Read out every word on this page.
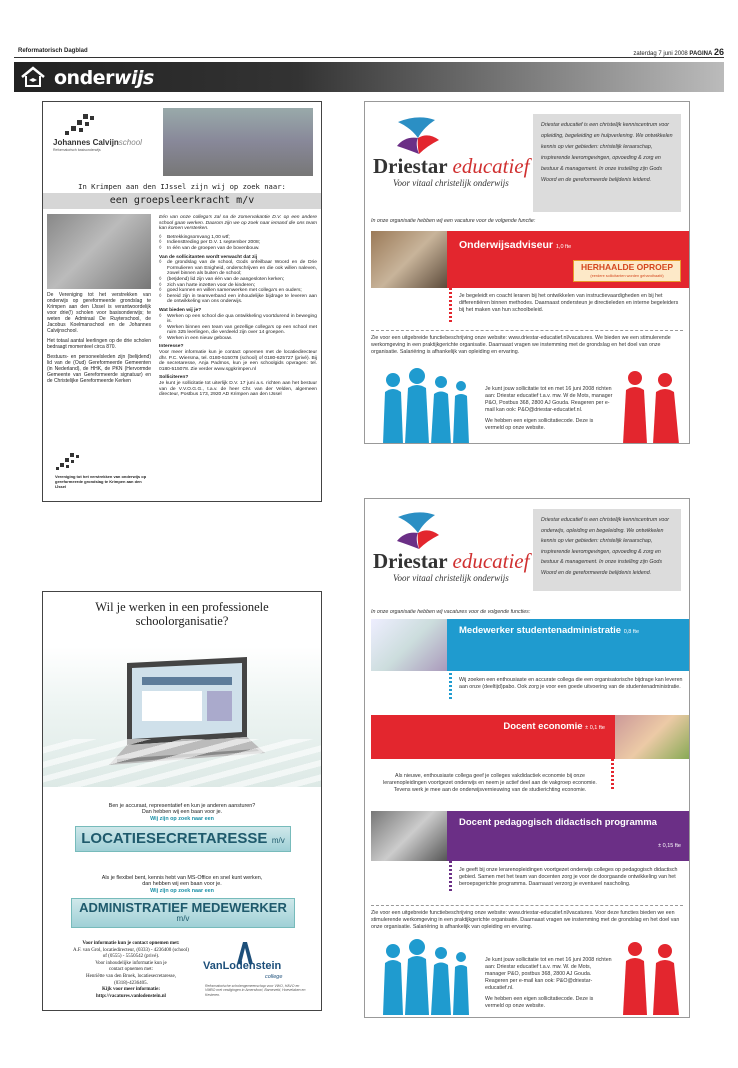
Reformatorisch Dagblad	zaterdag 7 juni 2008 PAGINA 26
onderwijs
Johannes Calvijnschool
Reformatorisch basisonderwijs
In Krimpen aan den IJssel zijn wij op zoek naar:
een groepsleerkracht m/v

De Vereniging tot het verstrekken van onderwijs op gereformeerde grondslag te Krimpen aan den IJssel is verantwoordelijk voor drie(!) scholen voor basisonderwijs; te weten de Admiraal De Ruyterschool, de Jacobus Koelmanschool en de Johannes Calvijnschool.

Het totaal aantal leerlingen op de drie scholen bedraagt momenteel circa 870.

Bestuurs- en personeelsleden zijn (belijdend) lid van de (Oud) Gereformeerde Gemeenten (in Nederland), de HHK, de PKN (Hervormde Gemeente van Gereformeerde signatuur) en de Christelijke Gereformeerde Kerken

Vereniging tot het verstrekken van onderwijs op gereformeerde grondslag te Krimpen aan den IJssel

Eén van onze collega’s zal na de zomervakantie D.V. op een andere school gaan werken. Daarom zijn we op zoek naar iemand die ons team kan komen versterken.

◊ Betrekkingsomvang 1,00 wtf;
◊ Indiensttreding per D.V. 1 september 2008;
◊ In één van de groepen van de bovenbouw.

Van de sollicitanten wordt verwacht dat zij

◊ de grondslag van de school, Gods onfeilbaar Woord en de Drie Formulieren van Enigheid, onderschrijven en die ook willen naleven, zowel binnen als buiten de school;
◊ (beïjdend) lid zijn van één van de aangesloten kerken;
◊ zich van harte inzetten voor de kinderen;
◊ goed kunnen en willen samenwerken met collega’s en ouders;
◊ bereid zijn in teamverband een inhoudelijke bijdrage te leveren aan de ontwikkeling van ons onderwijs.

Wat bieden wij je?

◊ Werken op een school die qua ontwikkeling voortdurend in beweging is.
◊ Werken binnen een team van gezellige collega’s op een school met ruim 325 leerlingen, die verdeeld zijn over 14 groepen.
◊ Werken in een nieuw gebouw.

Interesse?

Voor meer informatie kun je contact opnemen met de locatiedirecteur dhr. P.C. Wiersma, tel. 0180-515078 (school) of 0180-625727 (privé). Bij de secretaresse, Anja Padmos, kun je een schoolgids opvragen: tel. 0180-515078. Zie verder www.sggkrimpen.nl

Solliciteren?

Je kunt je sollicitatie tot uiterlijk D.V. 17 juni a.s. richten aan het bestuur van de V.V.O.G.G., t.a.v. de heer Chr. van der Velden, algemeen directeur, Postbus 173, 2920 AD Krimpen aan den IJssel

Driestar educatief
Voor vitaal christelijk onderwijs
Driestar educatief is een christelijk kenniscentrum voor opleiding, begeleiding en hulpverlening. We ontwikkelen kennis op vier gebieden: christelijk leraarschap, inspirerende leeromgevingen, opvoeding & zorg en bestuur & management. In onze instelling zijn Gods Woord en de gereformeerde belijdenis leidend.
In onze organisatie hebben wij een vacature voor de volgende functie:
Onderwijsadviseur 1,0 fte
HERHAALDE OPROEP
(eerdere sollicitanten worden gehandhaafd)
Je begeleidt en coacht leraren bij het ontwikkelen van instructievaardigheden en bij het differentiëren binnen methodes. Daarnaast ondersteun je directieleden en interne begeleiders bij het maken van hun schoolbeleid.
Zie voor een uitgebreide functiebeschrijving onze website: www.driestar-educatief.nl/vacatures. We bieden we een stimulerende werkomgeving in een praktijkgerichte organisatie. Daarnaast vragen we instemming met de grondslag en het doel van onze organisatie. Salariëring is afhankelijk van opleiding en ervaring.

Je kunt jouw sollicitatie tot en met 16 juni 2008 richten aan: Driestar educatief t.a.v. mw. W de Mots, manager P&O, Postbus 368, 2800 AJ Gouda. Reageren per e-mail kan ook: P&O@driestar-educatief.nl.

We hebben een eigen sollicitatiecode. Deze is vermeld op onze website.

Wil je werken in een professionele schoolorganisatie?
Ben je accuraat, representatief en kun je anderen aansturen?
Dan hebben wij een baan voor je.
Wij zijn op zoek naar een
LOCATIESECRETARESSE m/v
Als je flexibel bent, kennis hebt van MS-Office en snel kunt werken,
dan hebben wij een baan voor je.
Wij zijn op zoek naar een
ADMINISTRATIEF MEDEWERKER
m/v
Voor informatie kun je contact opnemen met:
A.F. van Grol, locatiedirecteur, (0333) - 4236400 (school)
of (0555) - 5550542 (privé).
Voor inhoudelijke informatie kun je
contact opnemen met:
Henriëtte van den Broek, locatiesecretaresse,
(0318)-4236405.
Kijk voor meer informatie:
http://vacatures.vanlodenstein.nl
VanLodenstein
college
Reformatorische scholengemeenschap voor VWO, HAVO en VMBO met vestigingen in Amersfoort, Barneveld, Hoevelaken en Kesteren.
Driestar educatief
Voor vitaal christelijk onderwijs
Driestar educatief is een christelijk kenniscentrum voor onderwijs, opleiding en begeleiding. We ontwikkelen kennis op vier gebieden: christelijk leraarschap, inspirerende leeromgevingen, opvoeding & zorg en bestuur & management. In onze instelling zijn Gods Woord en de gereformeerde belijdenis leidend.
In onze organisatie hebben wij vacatures voor de volgende functies:
Medewerker studentenadministratie 0,8 fte
Wij zoeken een enthousiaste en accurate collega die een organisatorische bijdrage kan leveren aan onze (deeltijd)pabo. Ook zorg je voor een goede uitvoering van de studentenadministratie.
Docent economie ± 0,1 fte
Als nieuwe, enthousiaste collega geef je colleges vakdidactiek economie bij onze lerarenopleidingen voortgezet onderwijs en neem je actief deel aan de vakgroep economie. Tevens werk je mee aan de onderwijsvernieuwing van de studierichting economie.
Docent pedagogisch didactisch programma
± 0,15 fte
Je geeft bij onze lerarenopleidingen voortgezet onderwijs colleges op pedagogisch didactisch gebied. Samen met het team van docenten zorg je voor de doorgaande ontwikkeling van het beroepsgerichte programma. Daarnaast verzorg je eventueel nascholing.
Zie voor een uitgebreide functiebeschrijving onze website: www.driestar-educatief.nl/vacatures. Voor deze functies bieden we een stimulerende werkomgeving in een praktijkgerichte organisatie. Daarnaast vragen we instemming met de grondslag en het doel van onze organisatie. Salariëring is afhankelijk van opleiding en ervaring.

Je kunt jouw sollicitatie tot en met 16 juni 2008 richten aan: Driestar educatief t.a.v. mw. W. de Mots, manager P&O, postbus 368, 2800 AJ Gouda. Reageren per e-mail kan ook: P&O@driestar-educatief.nl.

We hebben een eigen sollicitatiecode. Deze is vermeld op onze website.
